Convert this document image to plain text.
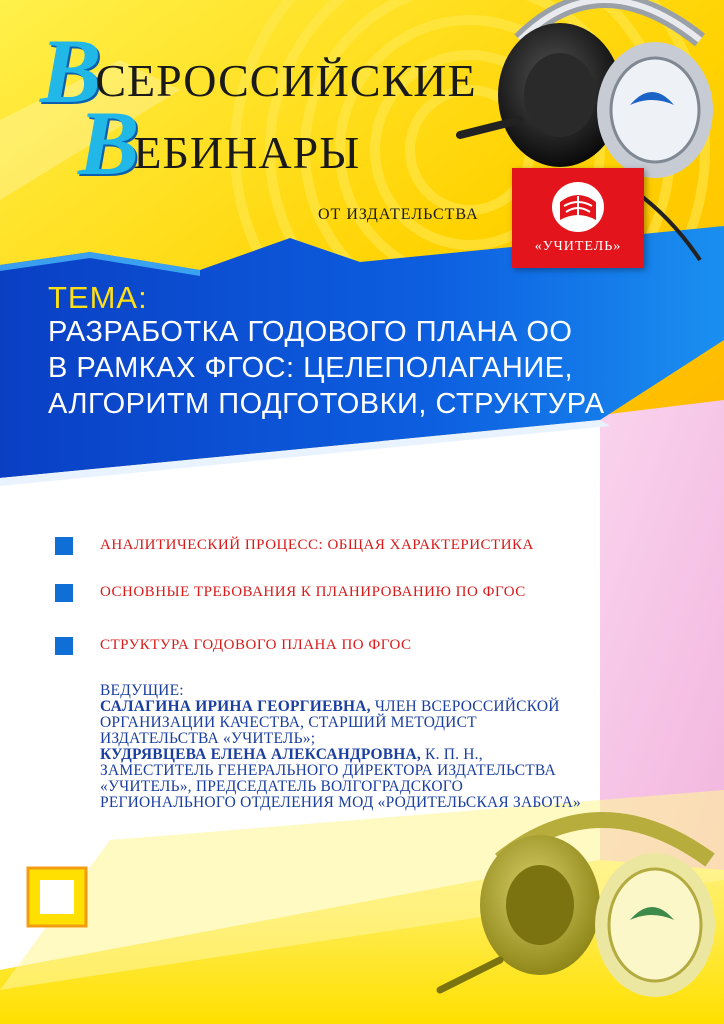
ВСЕРОССИЙСКИЕ
ВЕБИНАРЫ
ОТ ИЗДАТЕЛЬСТВА
«УЧИТЕЛЬ»
ТЕМА:
РАЗРАБОТКА ГОДОВОГО ПЛАНА ОО
В РАМКАХ ФГОС: ЦЕЛЕПОЛАГАНИЕ,
АЛГОРИТМ ПОДГОТОВКИ, СТРУКТУРА
АНАЛИТИЧЕСКИЙ ПРОЦЕСС: ОБЩАЯ ХАРАКТЕРИСТИКА
ОСНОВНЫЕ ТРЕБОВАНИЯ К ПЛАНИРОВАНИЮ ПО ФГОС
СТРУКТУРА ГОДОВОГО ПЛАНА ПО ФГОС
ВЕДУЩИЕ:
САЛАГИНА ИРИНА ГЕОРГИЕВНА, ЧЛЕН ВСЕРОССИЙСКОЙ
ОРГАНИЗАЦИИ КАЧЕСТВА, СТАРШИЙ МЕТОДИСТ
ИЗДАТЕЛЬСТВА «УЧИТЕЛЬ»;
КУДРЯВЦЕВА ЕЛЕНА АЛЕКСАНДРОВНА, К. П. Н.,
ЗАМЕСТИТЕЛЬ ГЕНЕРАЛЬНОГО ДИРЕКТОРА ИЗДАТЕЛЬСТВА
«УЧИТЕЛЬ», ПРЕДСЕДАТЕЛЬ ВОЛГОГРАДСКОГО
РЕГИОНАЛЬНОГО ОТДЕЛЕНИЯ МОД «РОДИТЕЛЬСКАЯ ЗАБОТА»
